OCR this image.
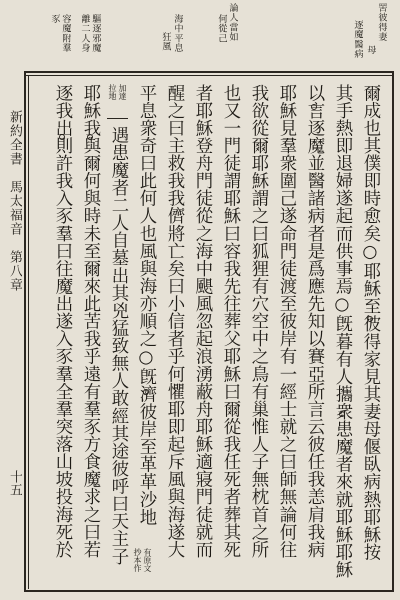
新約全書　馬太福音　第八章
十五
罟彼得妻
母
逐魔醫病
論人當如
何從己
海中平息
狂風
驅逐邪魔
離二人身
容魔附羣
豕
爾成也其僕即時愈矣○耶穌至彼得家見其妻母偃臥病熱耶穌按
其手熱即退婦遂起而供事焉○旣暮有人攜衆患魔者來就耶穌耶穌
以言逐魔並醫諸病者是爲應先知以賽亞所言云彼任我恙肩我病
耶穌見羣衆圍己遂命門徒渡至彼岸有一經士就之曰師無論何往
我欲從爾耶穌謂之曰狐狸有穴空中之鳥有巢惟人子無枕首之所
也又一門徒謂耶穌曰容我先往葬父耶穌曰爾從我任死者葬其死
者耶穌登舟門徒從之海中颶風忽起浪湧蔽舟耶穌適寢門徒就而
醒之曰主救我我儕將亡矣曰小信者乎何懼耶即起斥風與海遂大
平息衆奇曰此何人也風與海亦順之○旣濟彼岸至革革沙地
遇患魔者二人自墓出其兇猛致無人敢經其途彼呼曰天主子
耶穌我與爾何與時未至爾來此苦我乎遠有羣豕方食魔求之曰若
逐我出則許我入豕羣曰往魔出遂入豕羣全羣突落山坡投海死於
有原文
抄本作
加達
拉地
